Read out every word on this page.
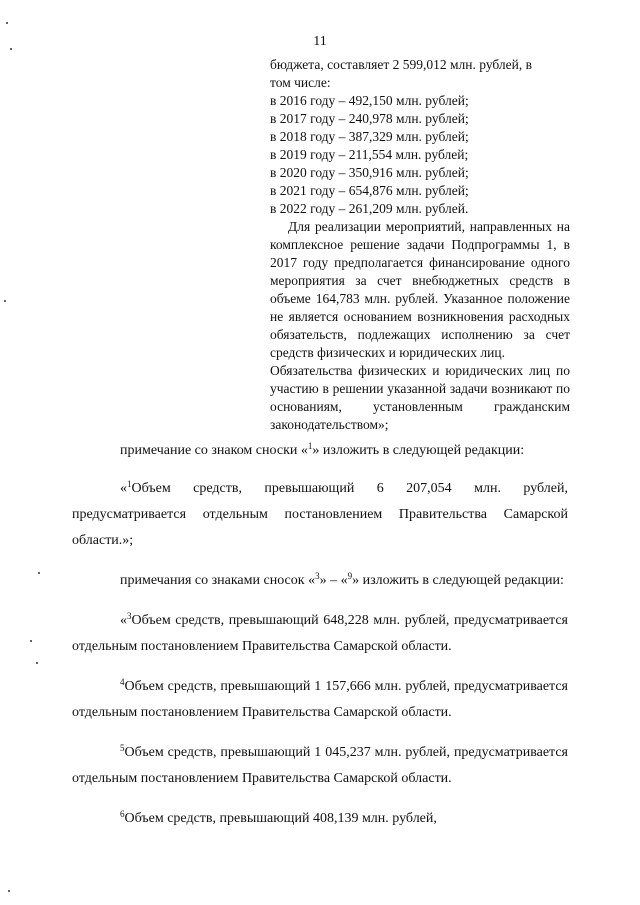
11
бюджета, составляет 2 599,012 млн. рублей, в
том числе:
в 2016 году – 492,150 млн. рублей;
в 2017 году – 240,978 млн. рублей;
в 2018 году – 387,329 млн. рублей;
в 2019 году – 211,554 млн. рублей;
в 2020 году – 350,916 млн. рублей;
в 2021 году – 654,876 млн. рублей;
в 2022 году – 261,209 млн. рублей.
Для реализации мероприятий, направленных на комплексное решение задачи Подпрограммы 1, в 2017 году предполагается финансирование одного мероприятия за счет внебюджетных средств в объеме 164,783 млн. рублей. Указанное положение не является основанием возникновения расходных обязательств, подлежащих исполнению за счет средств физических и юридических лиц.
Обязательства физических и юридических лиц по участию в решении указанной задачи возникают по основаниям, установленным гражданским законодательством»;

примечание со знаком сноски «$^1$» изложить в следующей редакции:

«$^1$Объем средств, превышающий 6 207,054 млн. рублей, предусматривается отдельным постановлением Правительства Самарской области.»;

примечания со знаками сносок «$^3$» – «$^9$» изложить в следующей редакции:

«$^3$Объем средств, превышающий 648,228 млн. рублей, предусматривается отдельным постановлением Правительства Самарской области.

$^4$Объем средств, превышающий 1 157,666 млн. рублей, предусматривается отдельным постановлением Правительства Самарской области.

$^5$Объем средств, превышающий 1 045,237 млн. рублей, предусматривается отдельным постановлением Правительства Самарской области.

$^6$Объем средств, превышающий 408,139 млн. рублей,
